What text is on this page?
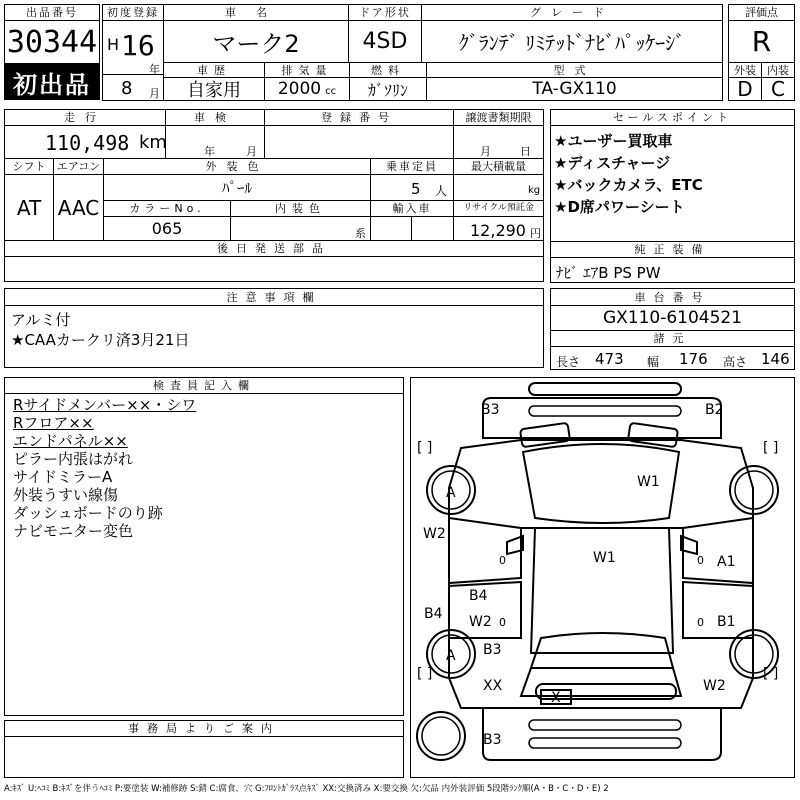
出品番号
30344
初出品
初度登録
H 16
年
8 月
車名
マーク2
ドア形状
4SD
グレード
ｸﾞﾗﾝﾃﾞ ﾘﾐﾃｯﾄﾞﾅﾋﾞﾊﾟｯｹｰｼﾞ
車歴
自家用
排気量
2000 cc
燃料
ｶﾞｿﾘﾝ
型式
TA-GX110
評価点
R
外装	内装
D C
走行
110,498 km
車検
年	月
登録番号	譲渡書類期限
月	日
シフト
AT
エアコン
AAC
外装色
ﾊﾟｰﾙ
乗車定員
5 人
最大積載量
kg
カラーNo.
065
内装色
系
輸入車	リサイクル預託金
12,290 円
後日発送部品
セールスポイント
★ユーザー買取車
★ディスチャージ
★バックカメラ、ETC
★D席パワーシート
純正装備
ﾅﾋﾞ ｴｱB PS PW
注意事項欄
アルミ付
★CAAカークリ済3月21日
車台番号
GX110-6104521
諸元
長さ 473 幅 176 高さ 146
検査員記入欄
Rサイドメンバー××・シワ
Rフロア××
エンドパネル××
ピラー内張はがれ
サイドミラーA
外装うすい線傷
ダッシュボードのり跡
ナビモニター変色
事務局よりご案内
[ ]	[ ]
[ ]	[ ]
B3	B2
A
W1
W2
W1
0	0 A1
B4
W2 0	0
B4	B1
A B3
XX
X
W2
B3
A:ｷｽﾞ U:ﾍｺﾐ B:ｷｽﾞを伴うﾍｺﾐ P:要塗装 W:補修跡 S:錆 C:腐食、穴 G:ﾌﾛﾝﾄｶﾞﾗｽ点ｷｽﾞ XX:交換済み X:要交換 欠:欠品 内外装評価 5段階ﾗﾝｸ順(A・B・C・D・E) 2
